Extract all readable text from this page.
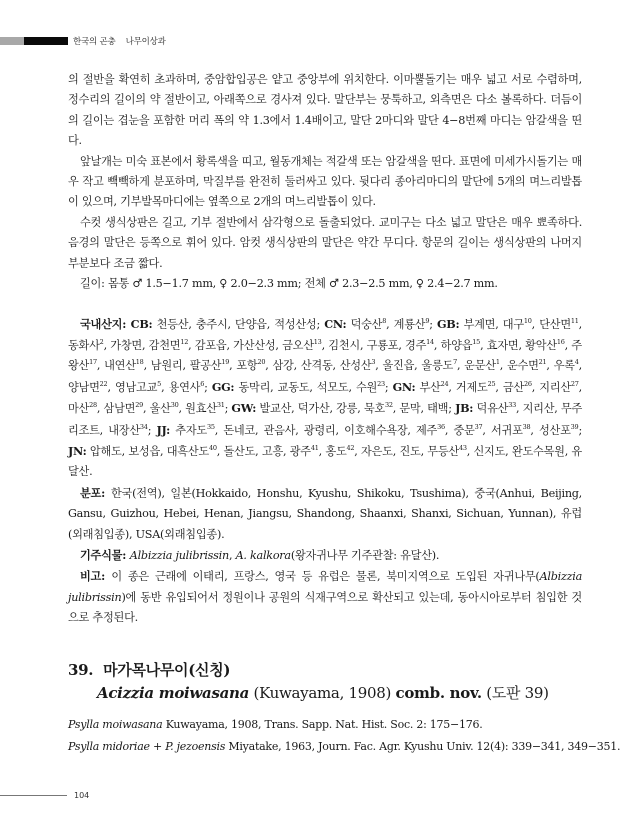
한국의 곤충 나무이상과

의 절반을 확연히 초과하며, 중암합입공은 얕고 중앙부에 위치한다. 이마뿔돌기는 매우 넓고 서로 수렴하며, 정수리의 길이의 약 절반이고, 아래쪽으로 경사져 있다. 말단부는 뭉툭하고, 외측면은 다소 볼록하다. 더듬이의 길이는 겹눈을 포함한 머리 폭의 약 1.3에서 1.4배이고, 말단 2마디와 말단 4−8번째 마디는 암갈색을 띤다.

앞날개는 미숙 표본에서 황록색을 띠고, 월동개체는 적갈색 또는 암갈색을 띤다. 표면에 미세가시돌기는 매우 작고 빽빽하게 분포하며, 막질부를 완전히 둘러싸고 있다. 뒷다리 종아리마디의 말단에 5개의 며느리발톱이 있으며, 기부발목마디에는 옆쪽으로 2개의 며느리발톱이 있다.

수컷 생식상판은 길고, 기부 절반에서 삼각형으로 돌출되었다. 교미구는 다소 넓고 말단은 매우 뾰족하다. 음경의 말단은 등쪽으로 휘어 있다. 암컷 생식상판의 말단은 약간 무디다. 항문의 길이는 생식상판의 나머지 부분보다 조금 짧다.

길이: 몸통 ♂ 1.5−1.7 mm, ♀ 2.0−2.3 mm; 전체 ♂ 2.3−2.5 mm, ♀ 2.4−2.7 mm.

국내산지: CB: 천등산, 충주시, 단양읍, 적성산성; CN: 덕숭산$^8$, 계룡산$^9$; GB: 부계면, 대구$^{10}$, 단산면$^{11}$, 동화사$^2$, 가창면, 감천면$^{12}$, 감포읍, 가산산성, 금오산$^{13}$, 김천시, 구룡포, 경주$^{14}$, 하양읍$^{15}$, 효자면, 황악산$^{16}$, 주왕산$^{17}$, 내연산$^{18}$, 남원리, 팔공산$^{19}$, 포항$^{20}$, 삼강, 산격동, 산성산$^3$, 울진읍, 울릉도$^7$, 운문산$^1$, 운수면$^{21}$, 우록$^4$, 양남면$^{22}$, 영남고교$^5$, 용연사$^6$; GG: 동막리, 교동도, 석모도, 수원$^{23}$; GN: 부산$^{24}$, 거제도$^{25}$, 금산$^{26}$, 지리산$^{27}$, 마산$^{28}$, 삼남면$^{29}$, 울산$^{30}$, 원효산$^{31}$; GW: 발교산, 덕가산, 강릉, 묵호$^{32}$, 문막, 태백; JB: 덕유산$^{33}$, 지리산, 무주리조트, 내장산$^{34}$; JJ: 추자도$^{35}$, 돈네코, 관음사, 광령리, 이호해수욕장, 제주$^{36}$, 중문$^{37}$, 서귀포$^{38}$, 성산포$^{39}$; JN: 압해도, 보성읍, 대흑산도$^{40}$, 돌산도, 고흥, 광주$^{41}$, 홍도$^{42}$, 자은도, 진도, 무등산$^{43}$, 신지도, 완도수목원, 유달산.

분포: 한국(전역), 일본(Hokkaido, Honshu, Kyushu, Shikoku, Tsushima), 중국(Anhui, Beijing, Gansu, Guizhou, Hebei, Henan, Jiangsu, Shandong, Shaanxi, Shanxi, Sichuan, Yunnan), 유럽(외래침입종), USA(외래침입종).

기주식물: Albizzia julibrissin, A. kalkora(왕자귀나무 기주관찰: 유달산).

비고: 이 종은 근래에 이태리, 프랑스, 영국 등 유럽은 물론, 북미지역으로 도입된 자귀나무(Albizzia julibrissin)에 동반 유입되어서 정원이나 공원의 식재구역으로 확산되고 있는데, 동아시아로부터 침입한 것으로 추정된다.

39. 마가목나무이(신칭)
Acizzia moiwasana (Kuwayama, 1908) comb. nov. (도판 39)

Psylla moiwasana Kuwayama, 1908, Trans. Sapp. Nat. Hist. Soc. 2: 175−176.

Psylla midoriae + P. jezoensis Miyatake, 1963, Journ. Fac. Agr. Kyushu Univ. 12(4): 339−341, 349−351.

104
